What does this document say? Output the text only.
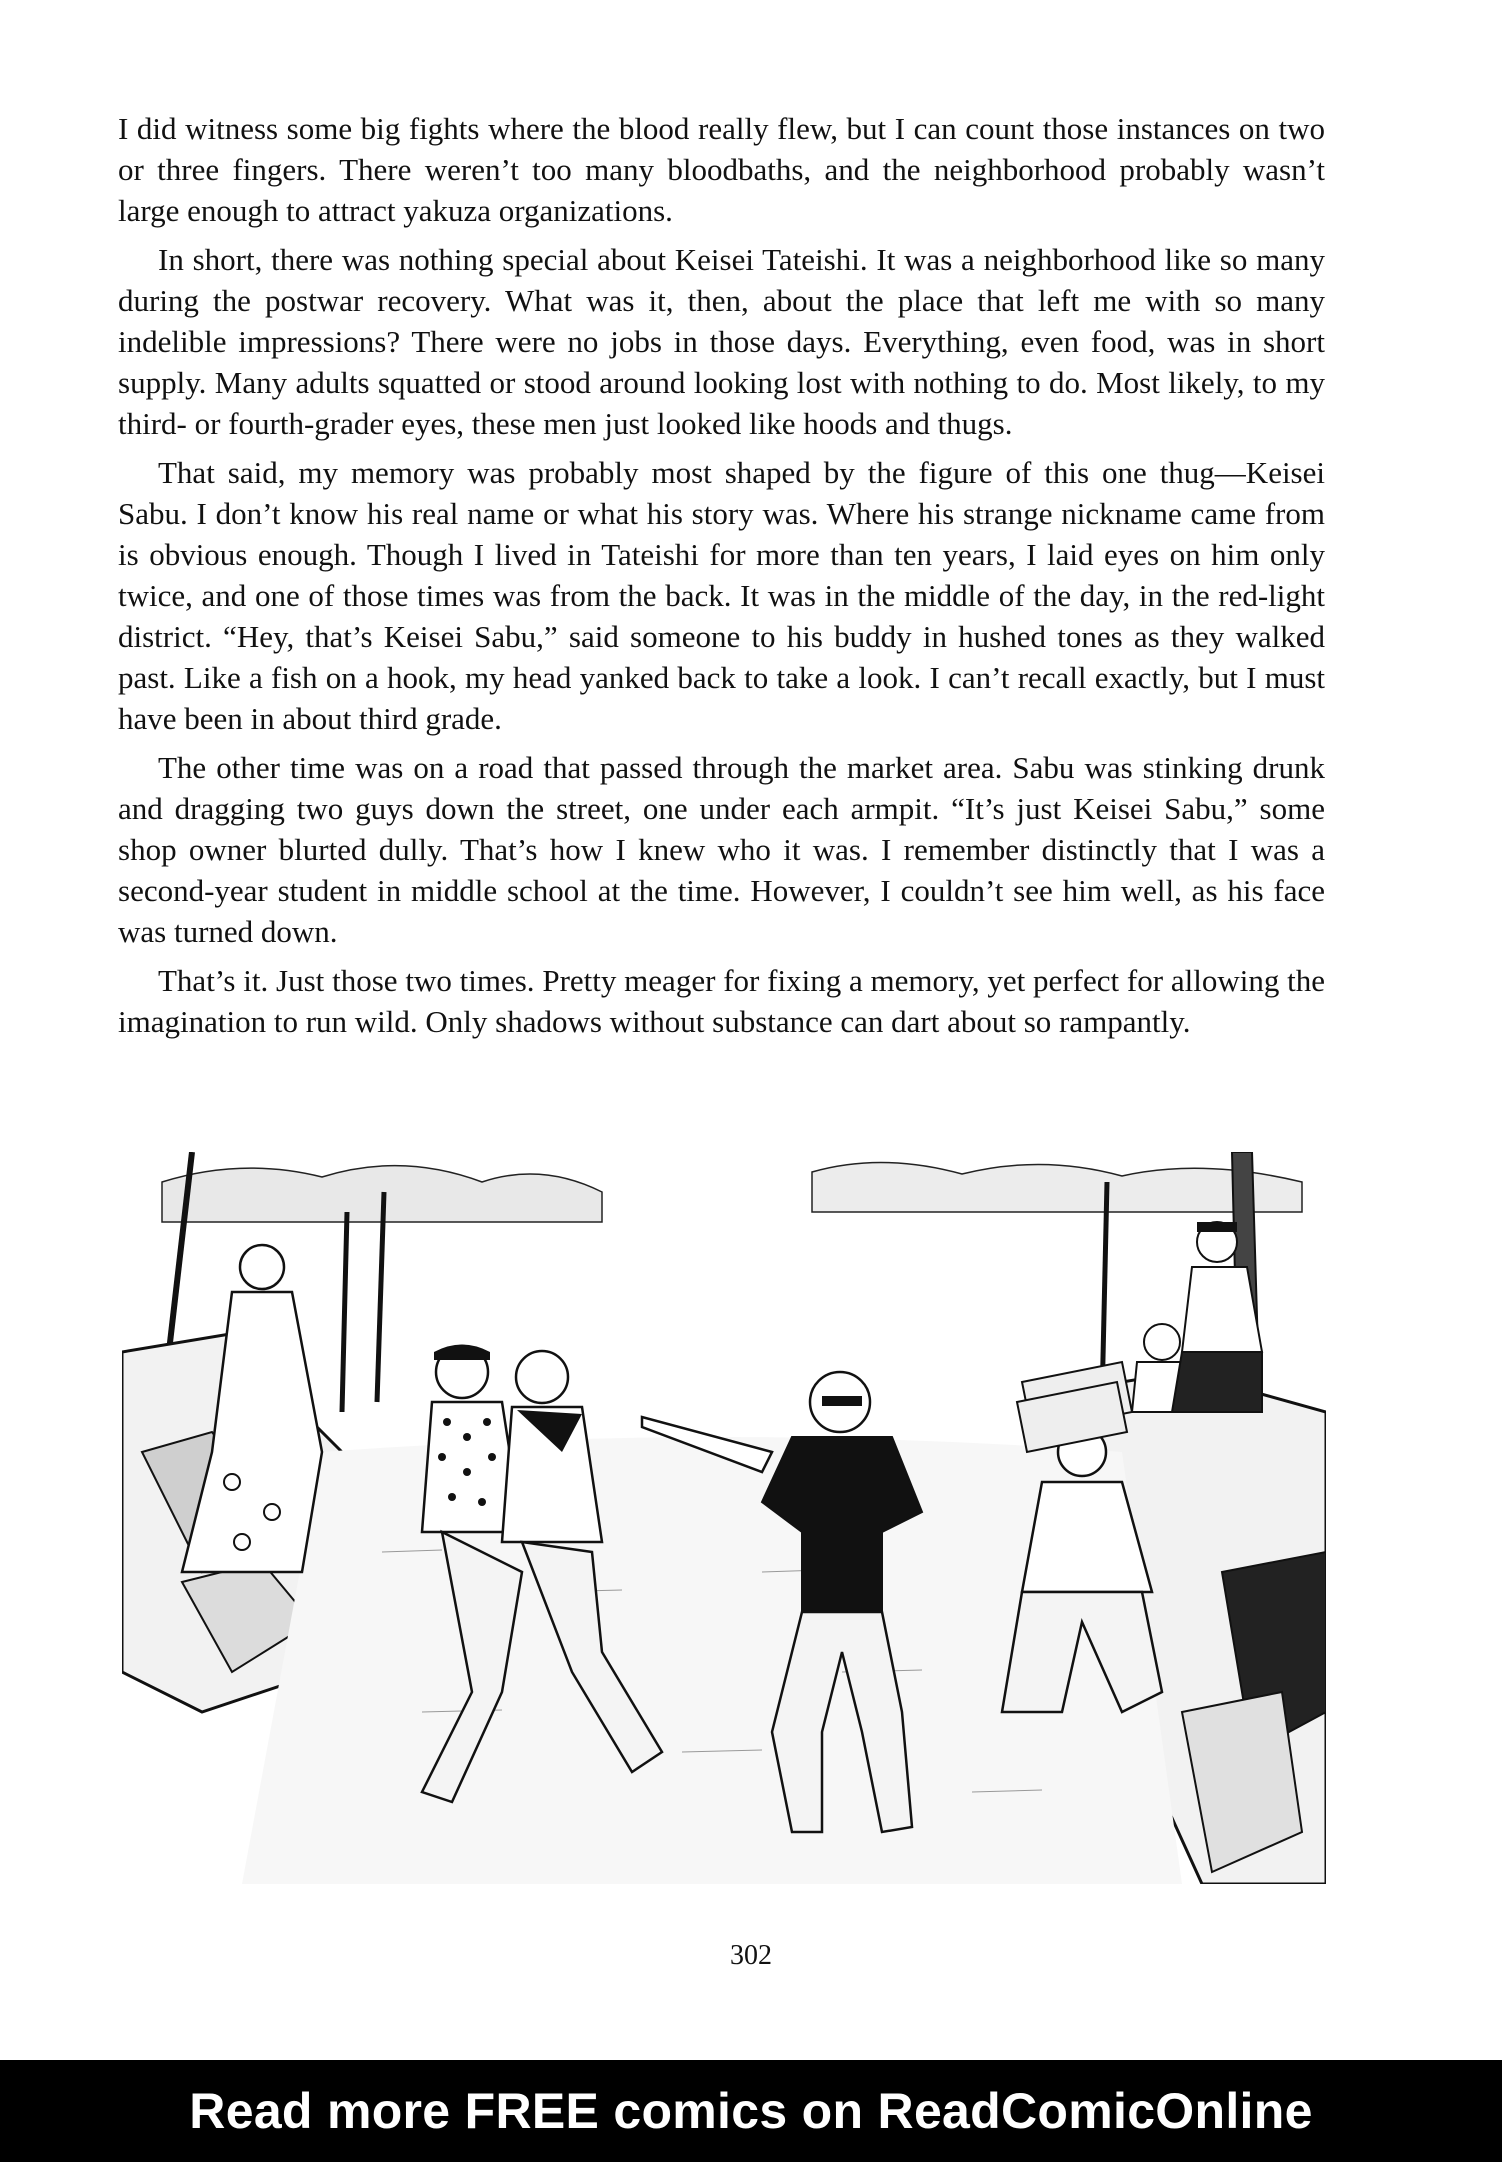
I did witness some big fights where the blood really flew, but I can count those instances on two or three fingers. There weren’t too many bloodbaths, and the neighborhood probably wasn’t large enough to attract yakuza organizations.

In short, there was nothing special about Keisei Tateishi. It was a neighborhood like so many during the postwar recovery. What was it, then, about the place that left me with so many indelible impressions? There were no jobs in those days. Everything, even food, was in short supply. Many adults squatted or stood around looking lost with nothing to do. Most likely, to my third- or fourth-grader eyes, these men just looked like hoods and thugs.

That said, my memory was probably most shaped by the figure of this one thug—Keisei Sabu. I don’t know his real name or what his story was. Where his strange nickname came from is obvious enough. Though I lived in Tateishi for more than ten years, I laid eyes on him only twice, and one of those times was from the back. It was in the middle of the day, in the red-light district. “Hey, that’s Keisei Sabu,” said someone to his buddy in hushed tones as they walked past. Like a fish on a hook, my head yanked back to take a look. I can’t recall exactly, but I must have been in about third grade.

The other time was on a road that passed through the market area. Sabu was stinking drunk and dragging two guys down the street, one under each armpit. “It’s just Keisei Sabu,” some shop owner blurted dully. That’s how I knew who it was. I remember distinctly that I was a second-year student in middle school at the time. However, I couldn’t see him well, as his face was turned down.

That’s it. Just those two times. Pretty meager for fixing a memory, yet perfect for allowing the imagination to run wild. Only shadows without substance can dart about so rampantly.

302
Read more FREE comics on ReadComicOnline
